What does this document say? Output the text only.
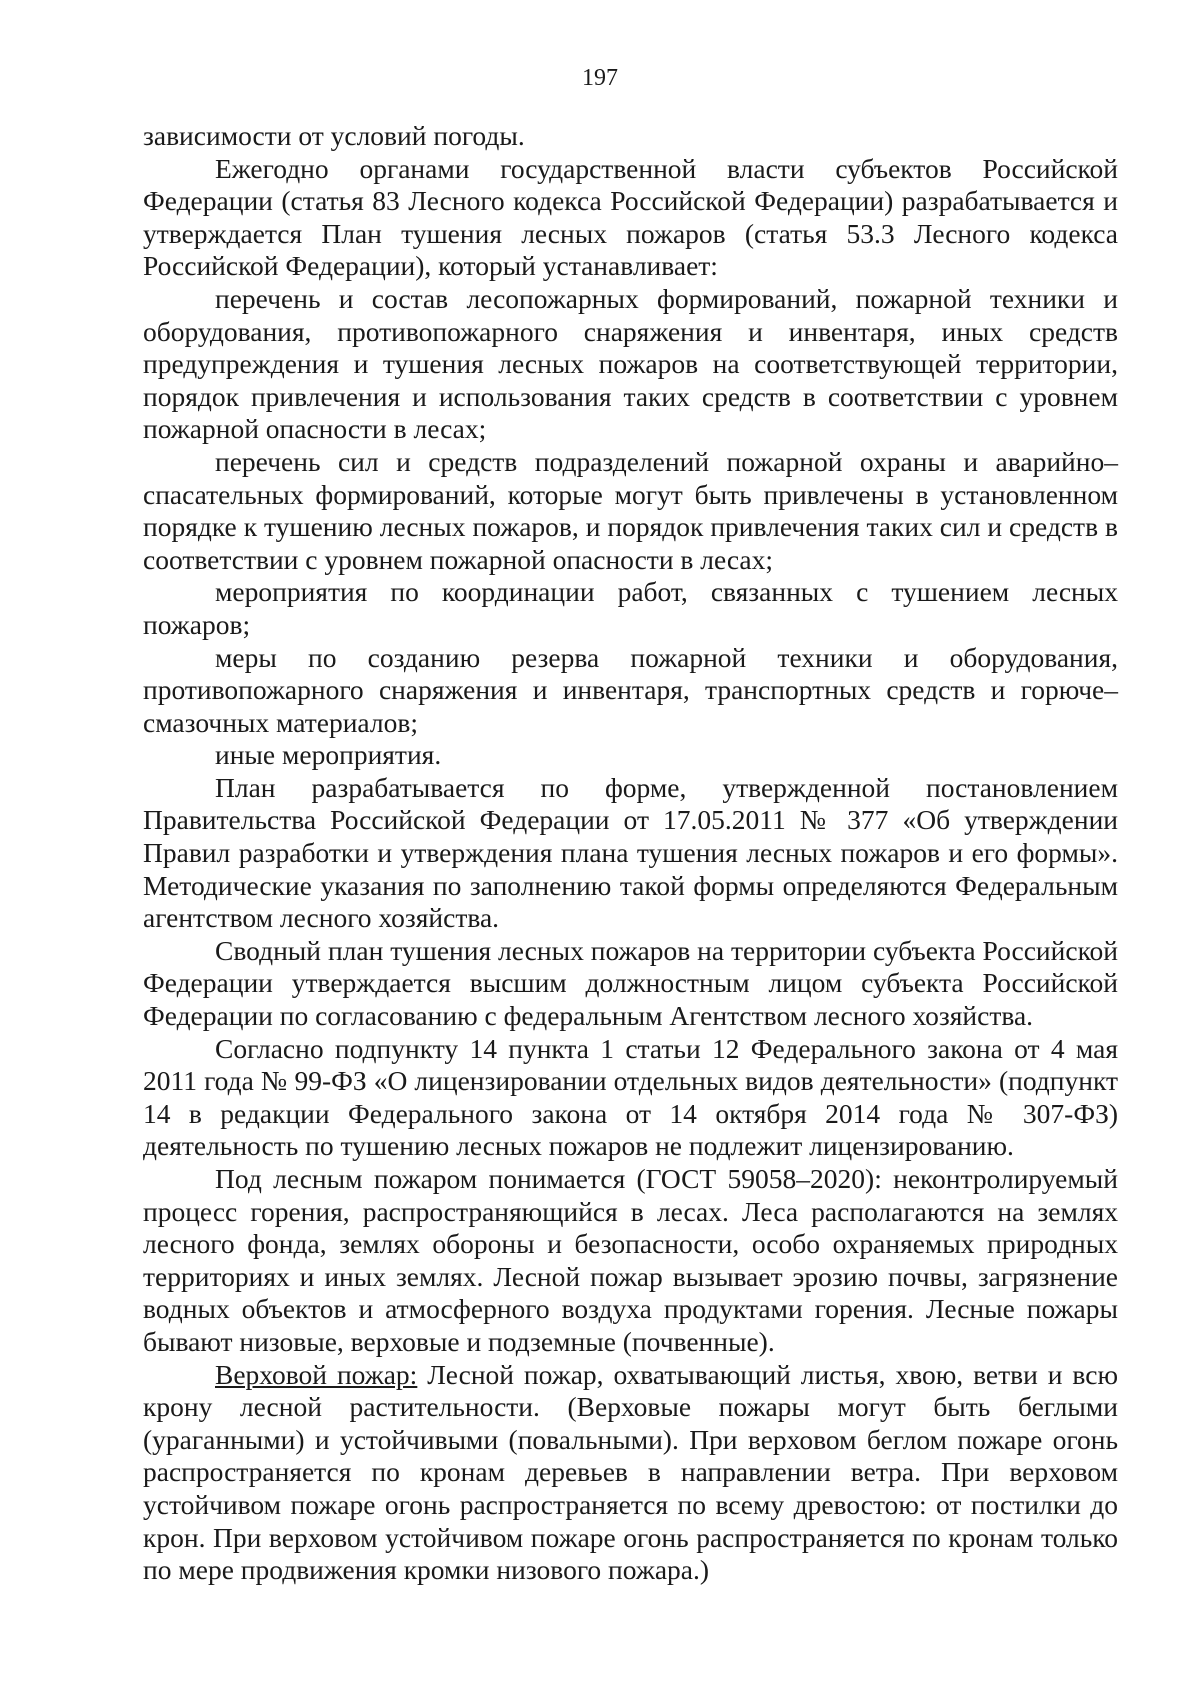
197

зависимости от условий погоды.

Ежегодно органами государственной власти субъектов Российской Федерации (статья 83 Лесного кодекса Российской Федерации) разрабатывается и утверждается План тушения лесных пожаров (статья 53.3 Лесного кодекса Российской Федерации), который устанавливает:

перечень и состав лесопожарных формирований, пожарной техники и оборудования, противопожарного снаряжения и инвентаря, иных средств предупреждения и тушения лесных пожаров на соответствующей территории, порядок привлечения и использования таких средств в соответствии с уровнем пожарной опасности в лесах;

перечень сил и средств подразделений пожарной охраны и аварийно–спасательных формирований, которые могут быть привлечены в установленном порядке к тушению лесных пожаров, и порядок привлечения таких сил и средств в соответствии с уровнем пожарной опасности в лесах;

мероприятия по координации работ, связанных с тушением лесных пожаров;

меры по созданию резерва пожарной техники и оборудования, противопожарного снаряжения и инвентаря, транспортных средств и горюче–смазочных материалов;

иные мероприятия.

План разрабатывается по форме, утвержденной постановлением Правительства Российской Федерации от 17.05.2011 № 377 «Об утверждении Правил разработки и утверждения плана тушения лесных пожаров и его формы». Методические указания по заполнению такой формы определяются Федеральным агентством лесного хозяйства.

Сводный план тушения лесных пожаров на территории субъекта Российской Федерации утверждается высшим должностным лицом субъекта Российской Федерации по согласованию с федеральным Агентством лесного хозяйства.

Согласно подпункту 14 пункта 1 статьи 12 Федерального закона от 4 мая 2011 года № 99-ФЗ «О лицензировании отдельных видов деятельности» (подпункт 14 в редакции Федерального закона от 14 октября 2014 года № 307-ФЗ) деятельность по тушению лесных пожаров не подлежит лицензированию.

Под лесным пожаром понимается (ГОСТ 59058–2020): неконтролируемый процесс горения, распространяющийся в лесах. Леса располагаются на землях лесного фонда, землях обороны и безопасности, особо охраняемых природных территориях и иных землях. Лесной пожар вызывает эрозию почвы, загрязнение водных объектов и атмосферного воздуха продуктами горения. Лесные пожары бывают низовые, верховые и подземные (почвенные).

Верховой пожар: Лесной пожар, охватывающий листья, хвою, ветви и всю крону лесной растительности. (Верховые пожары могут быть беглыми (ураганными) и устойчивыми (повальными). При верховом беглом пожаре огонь распространяется по кронам деревьев в направлении ветра. При верховом устойчивом пожаре огонь распространяется по всему древостою: от постилки до крон. При верховом устойчивом пожаре огонь распространяется по кронам только по мере продвижения кромки низового пожара.)
